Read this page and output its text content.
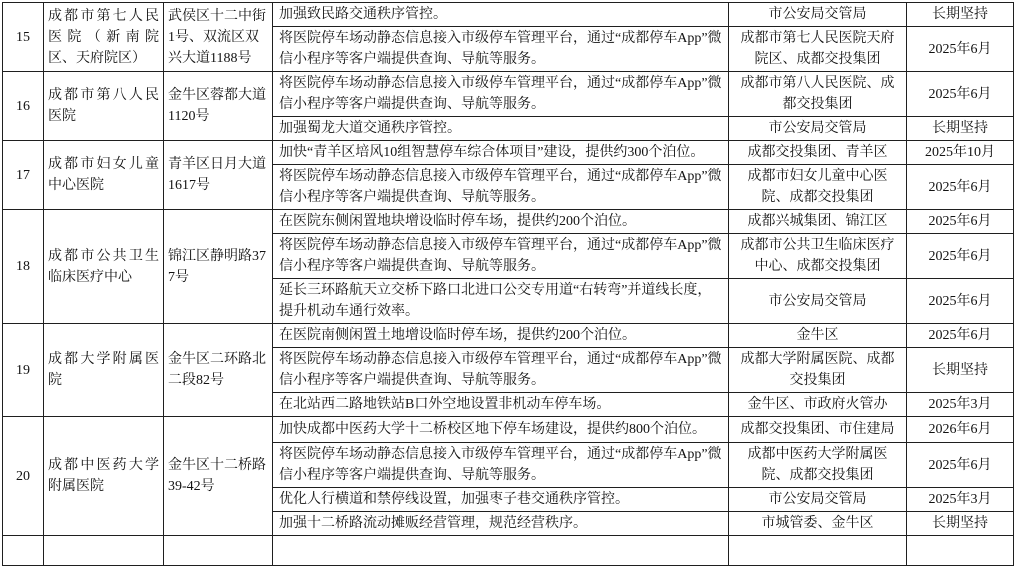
15	成都市第七人民医院（新南院区、天府院区）	武侯区十二中街1号、双流区双兴大道1188号	加强致民路交通秩序管控。	市公安局交管局	长期坚持
			将医院停车场动静态信息接入市级停车管理平台，通过“成都停车App”微信小程序等客户端提供查询、导航等服务。	成都市第七人民医院天府院区、成都交投集团	2025年6月
16	成都市第八人民医院	金牛区蓉都大道1120号	将医院停车场动静态信息接入市级停车管理平台，通过“成都停车App”微信小程序等客户端提供查询、导航等服务。	成都市第八人民医院、成都交投集团	2025年6月
			加强蜀龙大道交通秩序管控。	市公安局交管局	长期坚持
17	成都市妇女儿童中心医院	青羊区日月大道1617号	加快“青羊区培风10组智慧停车综合体项目”建设，提供约300个泊位。	成都交投集团、青羊区	2025年10月
			将医院停车场动静态信息接入市级停车管理平台，通过“成都停车App”微信小程序等客户端提供查询、导航等服务。	成都市妇女儿童中心医院、成都交投集团	2025年6月
18	成都市公共卫生临床医疗中心	锦江区静明路377号	在医院东侧闲置地块增设临时停车场，提供约200个泊位。	成都兴城集团、锦江区	2025年6月
			将医院停车场动静态信息接入市级停车管理平台，通过“成都停车App”微信小程序等客户端提供查询、导航等服务。	成都市公共卫生临床医疗中心、成都交投集团	2025年6月
			延长三环路航天立交桥下路口北进口公交专用道“右转弯”并道线长度，提升机动车通行效率。	市公安局交管局	2025年6月
19	成都大学附属医院	金牛区二环路北二段82号	在医院南侧闲置土地增设临时停车场，提供约200个泊位。	金牛区	2025年6月
			将医院停车场动静态信息接入市级停车管理平台，通过“成都停车App”微信小程序等客户端提供查询、导航等服务。	成都大学附属医院、成都交投集团	长期坚持
			在北站西二路地铁站B口外空地设置非机动车停车场。	金牛区、市政府火管办	2025年3月
20	成都中医药大学附属医院	金牛区十二桥路39-42号	加快成都中医药大学十二桥校区地下停车场建设，提供约800个泊位。	成都交投集团、市住建局	2026年6月
			将医院停车场动静态信息接入市级停车管理平台，通过“成都停车App”微信小程序等客户端提供查询、导航等服务。	成都中医药大学附属医院、成都交投集团	2025年6月
			优化人行横道和禁停线设置，加强枣子巷交通秩序管控。	市公安局交管局	2025年3月
			加强十二桥路流动摊贩经营管理，规范经营秩序。	市城管委、金牛区	长期坚持
